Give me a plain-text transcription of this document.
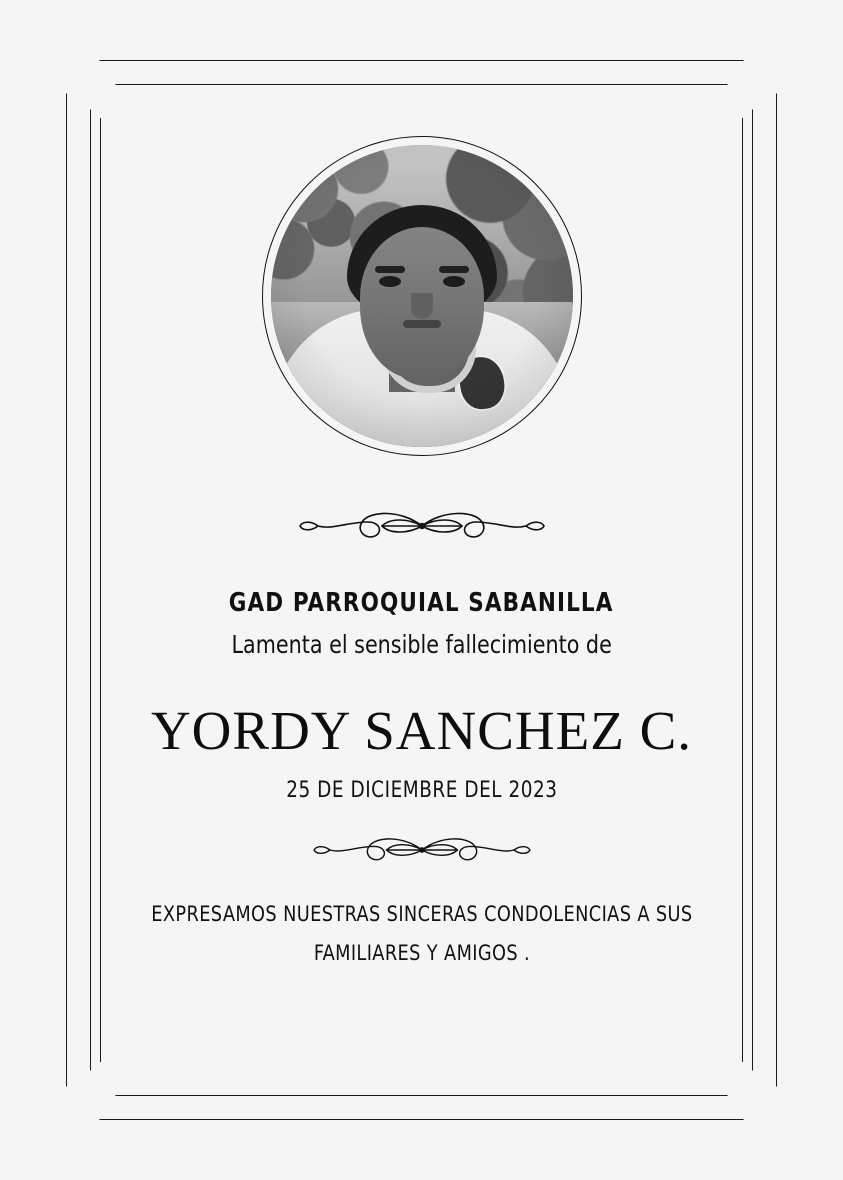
GAD PARROQUIAL SABANILLA
Lamenta el sensible fallecimiento de
YORDY SANCHEZ C.
25 DE DICIEMBRE DEL 2023
EXPRESAMOS NUESTRAS SINCERAS CONDOLENCIAS A SUS
FAMILIARES Y AMIGOS .
